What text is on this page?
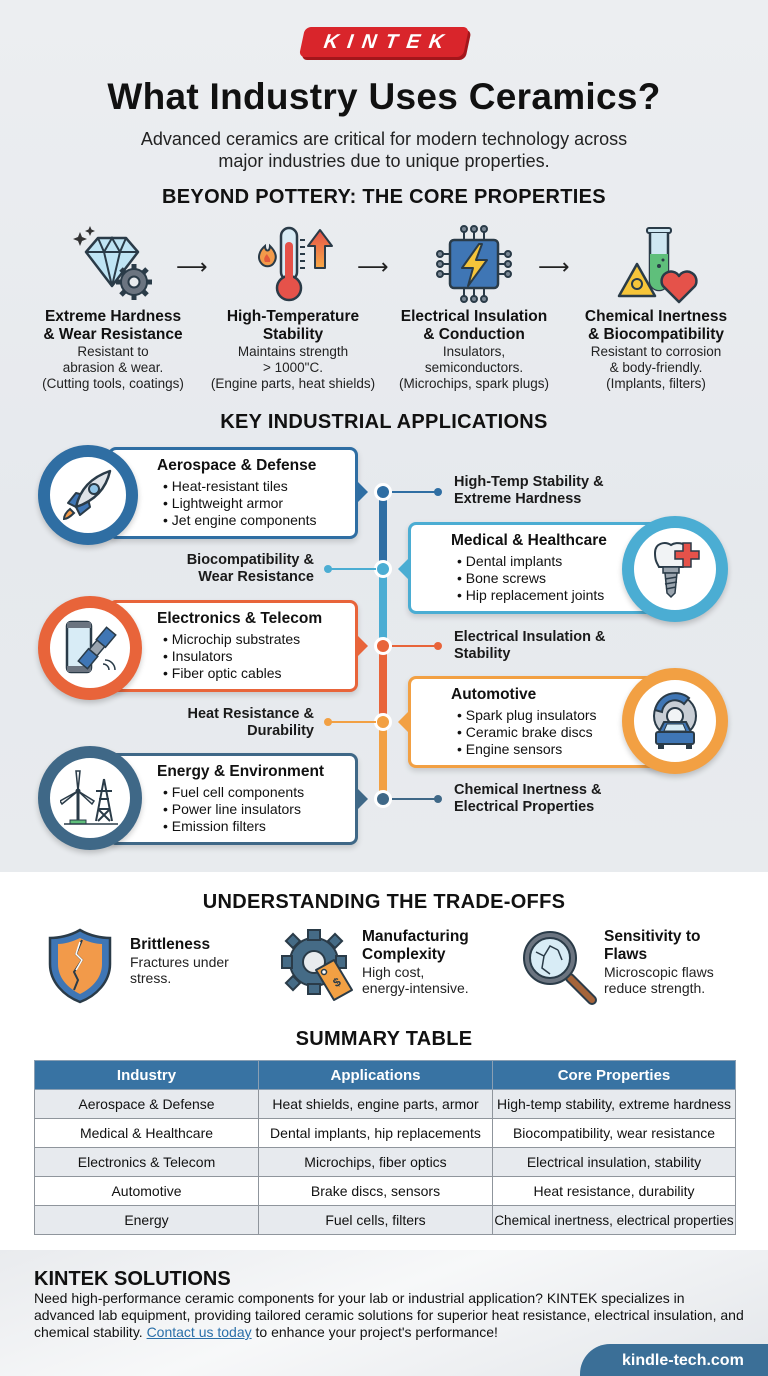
KINTEK
What Industry Uses Ceramics?
Advanced ceramics are critical for modern technology across
major industries due to unique properties.
BEYOND POTTERY: THE CORE PROPERTIES
Extreme Hardness
& Wear Resistance
Resistant to
abrasion & wear.
(Cutting tools, coatings)
⟶
High-Temperature
Stability
Maintains strength
> 1000"C.
(Engine parts, heat shields)
⟶
Electrical Insulation
& Conduction
Insulators,
semiconductors.
(Microchips, spark plugs)
⟶
Chemical Inertness
& Biocompatibility
Resistant to corrosion
& body-friendly.
(Implants, filters)
KEY INDUSTRIAL APPLICATIONS
Aerospace & Defense
• Heat-resistant tiles
• Lightweight armor
• Jet engine components
High-Temp Stability &
Extreme Hardness
Medical & Healthcare
• Dental implants
• Bone screws
• Hip replacement joints
Biocompatibility &
Wear Resistance
Electronics & Telecom
• Microchip substrates
• Insulators
• Fiber optic cables
Electrical Insulation &
Stability
Automotive
• Spark plug insulators
• Ceramic brake discs
• Engine sensors
Heat Resistance &
Durability
Energy & Environment
• Fuel cell components
• Power line insulators
• Emission filters
Chemical Inertness &
Electrical Properties
UNDERSTANDING THE TRADE-OFFS
Brittleness
Fractures under
stress.	$
Manufacturing
Complexity
High cost,
energy-intensive.
Sensitivity to
Flaws
Microscopic flaws
reduce strength.
SUMMARY TABLE
Industry	Applications	Core Properties
Aerospace & Defense	Heat shields, engine parts, armor	High-temp stability, extreme hardness
Medical & Healthcare	Dental implants, hip replacements	Biocompatibility, wear resistance
Electronics & Telecom	Microchips, fiber optics	Electrical insulation, stability
Automotive	Brake discs, sensors	Heat resistance, durability
Energy	Fuel cells, filters	Chemical inertness, electrical properties
KINTEK SOLUTIONS
Need high-performance ceramic components for your lab or industrial application? KINTEK specializes in advanced lab equipment, providing tailored ceramic solutions for superior heat resistance, electrical insulation, and chemical stability. Contact us today to enhance your project's performance!
kindle-tech.com
